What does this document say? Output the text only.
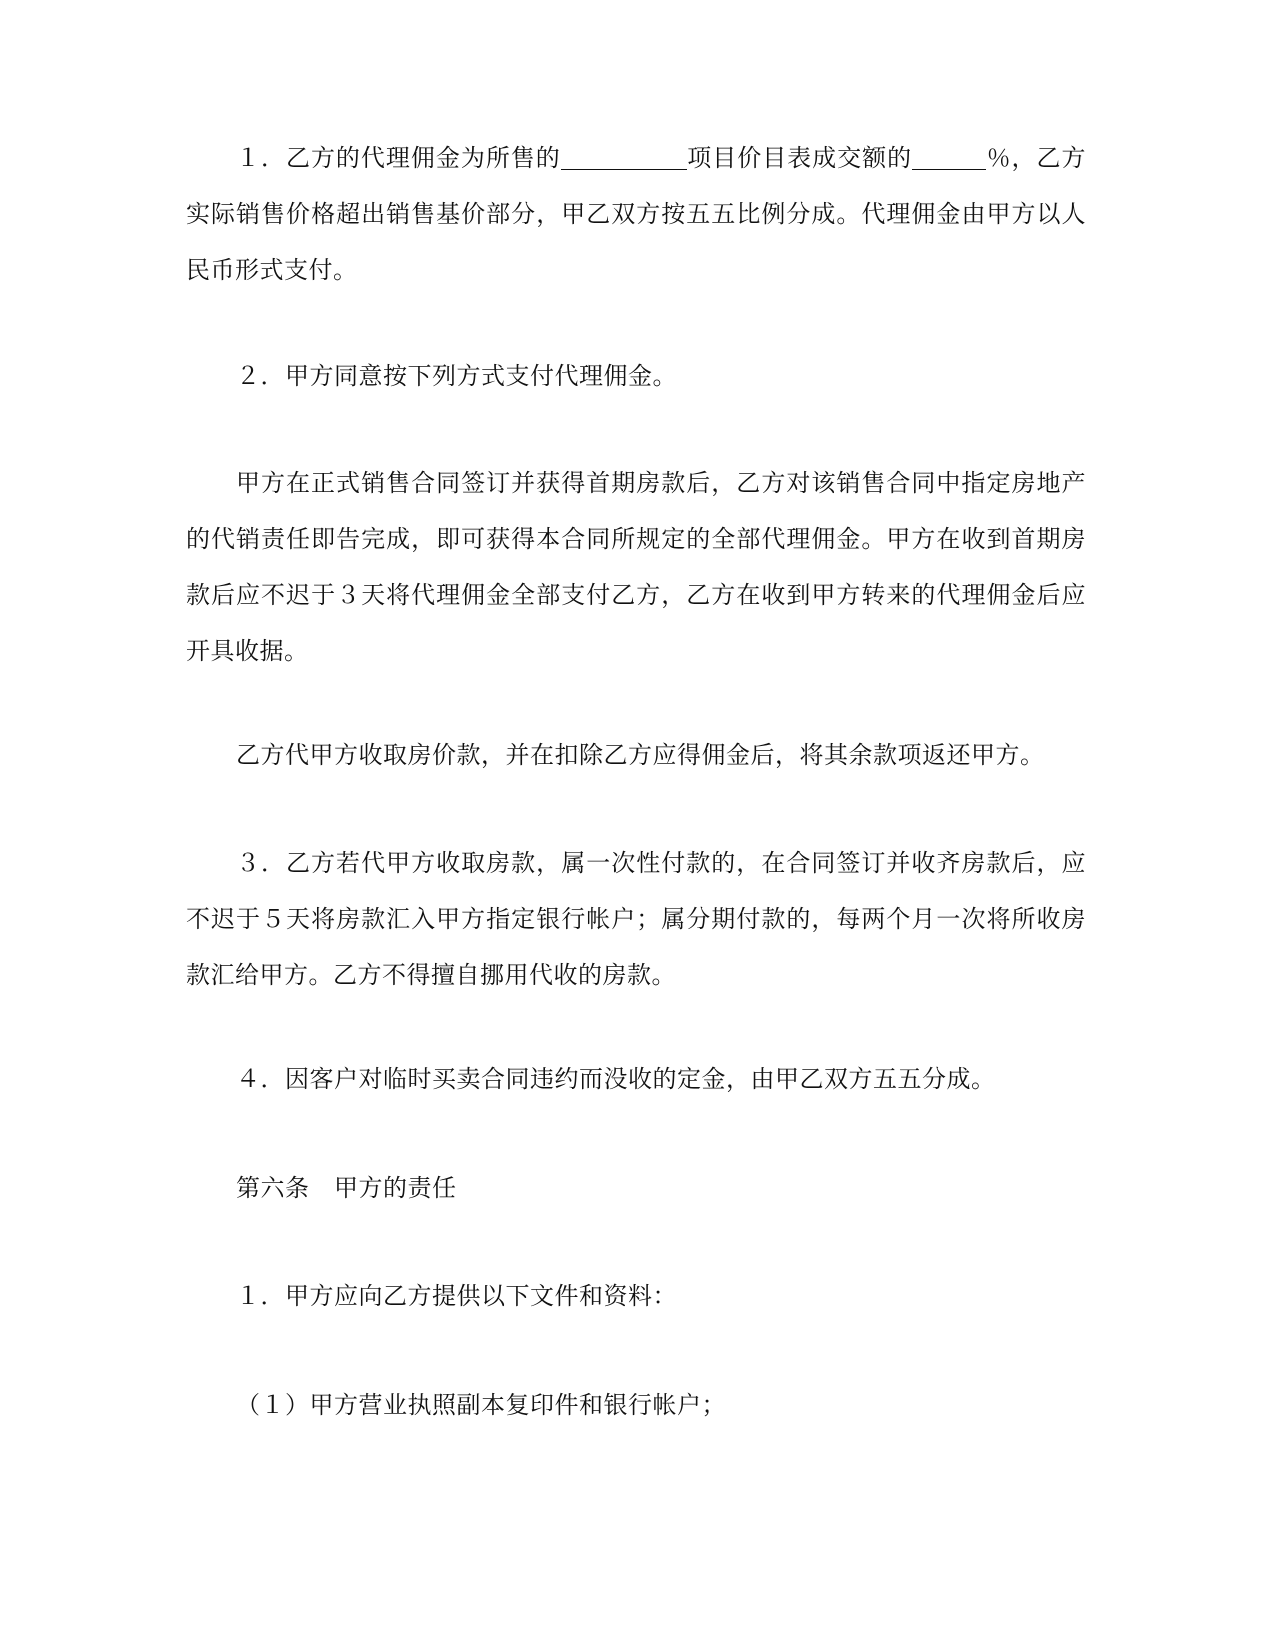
１．乙方的代理佣金为所售的	项目价目表成交额的	％，乙方实际销售价格超出销售基价部分，甲乙双方按五五比例分成。代理佣金由甲方以人民币形式支付。

２．甲方同意按下列方式支付代理佣金。

甲方在正式销售合同签订并获得首期房款后，乙方对该销售合同中指定房地产的代销责任即告完成，即可获得本合同所规定的全部代理佣金。甲方在收到首期房款后应不迟于３天将代理佣金全部支付乙方，乙方在收到甲方转来的代理佣金后应开具收据。

乙方代甲方收取房价款，并在扣除乙方应得佣金后，将其余款项返还甲方。

３．乙方若代甲方收取房款，属一次性付款的，在合同签订并收齐房款后，应不迟于５天将房款汇入甲方指定银行帐户；属分期付款的，每两个月一次将所收房款汇给甲方。乙方不得擅自挪用代收的房款。

４．因客户对临时买卖合同违约而没收的定金，由甲乙双方五五分成。

第六条　甲方的责任

１．甲方应向乙方提供以下文件和资料：

（１）甲方营业执照副本复印件和银行帐户；
